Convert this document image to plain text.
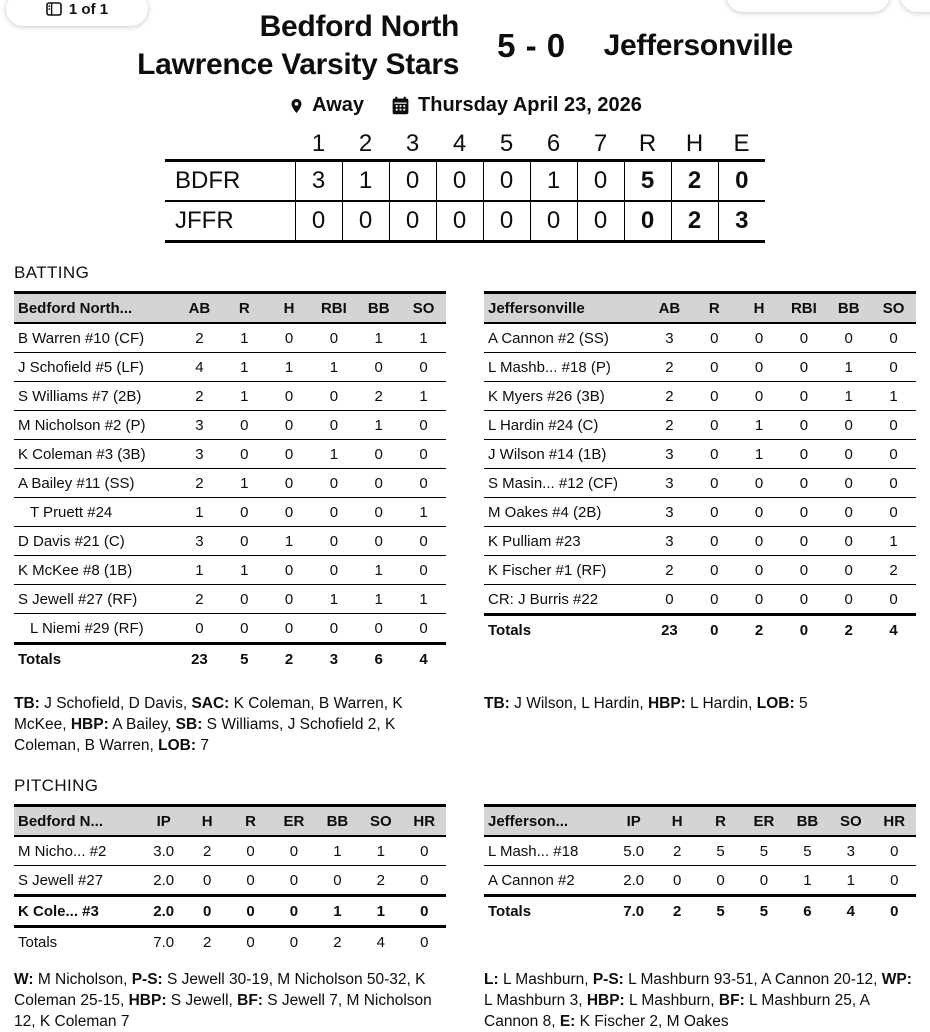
1 of 1
Bedford North
Lawrence Varsity Stars
5 - 0 Jeffersonville
Away	Thursday April 23, 2026
	1	2	3	4	5	6	7	R	H	E
BDFR	3	1	0	0	0	1	0	5	2	0
JFFR	0	0	0	0	0	0	0	0	2	3
BATTING
Bedford North...	AB	R	H	RBI	BB	SO
B Warren #10 (CF)	2	1	0	0	1	1
J Schofield #5 (LF)	4	1	1	1	0	0
S Williams #7 (2B)	2	1	0	0	2	1
M Nicholson #2 (P)	3	0	0	0	1	0
K Coleman #3 (3B)	3	0	0	1	0	0
A Bailey #11 (SS)	2	1	0	0	0	0
T Pruett #24	1	0	0	0	0	1
D Davis #21 (C)	3	0	1	0	0	0
K McKee #8 (1B)	1	1	0	0	1	0
S Jewell #27 (RF)	2	0	0	1	1	1
L Niemi #29 (RF)	0	0	0	0	0	0
Totals	23	5	2	3	6	4
Jeffersonville	AB	R	H	RBI	BB	SO
A Cannon #2 (SS)	3	0	0	0	0	0
L Mashb... #18 (P)	2	0	0	0	1	0
K Myers #26 (3B)	2	0	0	0	1	1
L Hardin #24 (C)	2	0	1	0	0	0
J Wilson #14 (1B)	3	0	1	0	0	0
S Masin... #12 (CF)	3	0	0	0	0	0
M Oakes #4 (2B)	3	0	0	0	0	0
K Pulliam #23	3	0	0	0	0	1
K Fischer #1 (RF)	2	0	0	0	0	2
CR: J Burris #22	0	0	0	0	0	0
Totals	23	0	2	0	2	4

TB: J Schofield, D Davis, SAC: K Coleman, B Warren, K McKee, HBP: A Bailey, SB: S Williams, J Schofield 2, K Coleman, B Warren, LOB: 7

TB: J Wilson, L Hardin, HBP: L Hardin, LOB: 5

PITCHING
Bedford N...	IP	H	R	ER	BB	SO	HR
M Nicho... #2	3.0	2	0	0	1	1	0
S Jewell #27	2.0	0	0	0	0	2	0
K Cole... #3	2.0	0	0	0	1	1	0
Totals	7.0	2	0	0	2	4	0
Jefferson...	IP	H	R	ER	BB	SO	HR
L Mash... #18	5.0	2	5	5	5	3	0
A Cannon #2	2.0	0	0	0	1	1	0
Totals	7.0	2	5	5	6	4	0

W: M Nicholson, P-S: S Jewell 30-19, M Nicholson 50-32, K Coleman 25-15, HBP: S Jewell, BF: S Jewell 7, M Nicholson 12, K Coleman 7

L: L Mashburn, P-S: L Mashburn 93-51, A Cannon 20-12, WP: L Mashburn 3, HBP: L Mashburn, BF: L Mashburn 25, A Cannon 8, E: K Fischer 2, M Oakes
